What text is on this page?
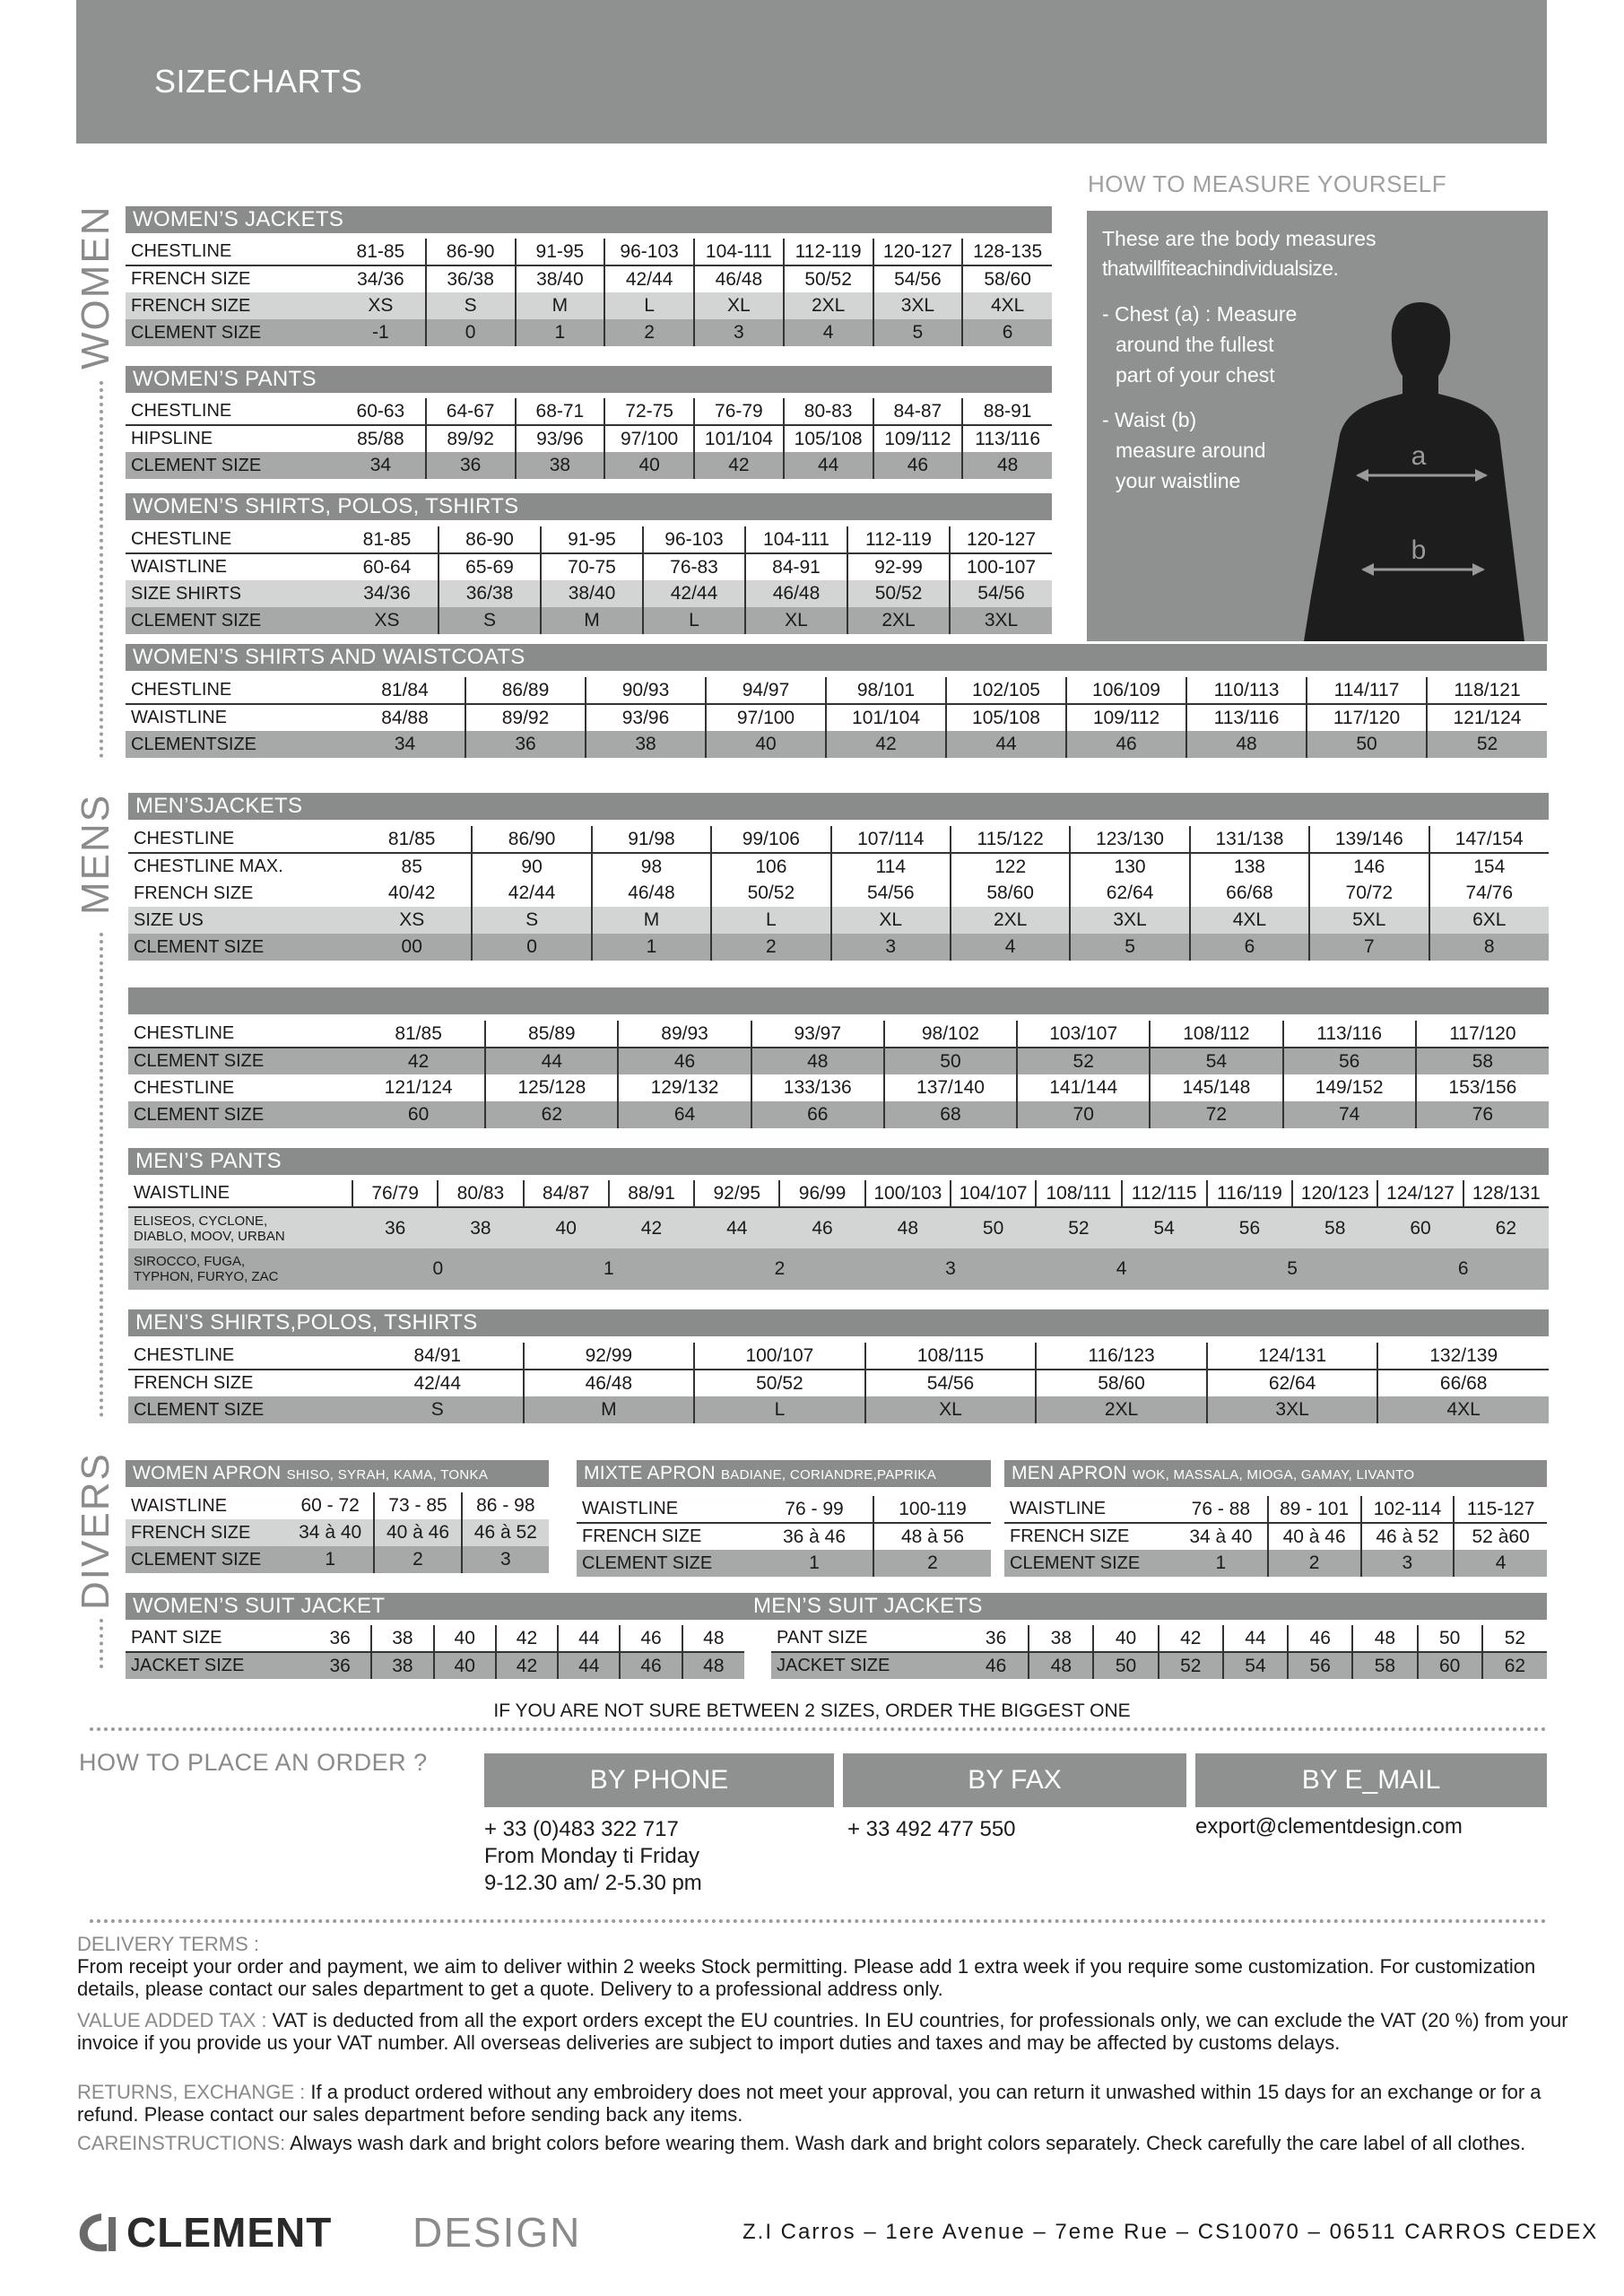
SIZECHARTS
WOMEN
MENS
DIVERS
HOW TO MEASURE YOURSELF
These are the body measures
thatwillfiteachindividualsize.
- Chest (a) : Measure
around the fullest
part of your chest
- Waist (b)
measure around
your waistline
a
b
WOMEN’S JACKETS
CHESTLINE	81-85	86-90	91-95	96-103	104-111	112-119	120-127	128-135
FRENCH SIZE	34/36	36/38	38/40	42/44	46/48	50/52	54/56	58/60
FRENCH SIZE	XS	S	M	L	XL	2XL	3XL	4XL
CLEMENT SIZE	-1	0	1	2	3	4	5	6
WOMEN’S PANTS
CHESTLINE	60-63	64-67	68-71	72-75	76-79	80-83	84-87	88-91
HIPSLINE	85/88	89/92	93/96	97/100	101/104	105/108	109/112	113/116
CLEMENT SIZE	34	36	38	40	42	44	46	48
WOMEN’S SHIRTS, POLOS, TSHIRTS
CHESTLINE	81-85	86-90	91-95	96-103	104-111	112-119	120-127
WAISTLINE	60-64	65-69	70-75	76-83	84-91	92-99	100-107
SIZE SHIRTS	34/36	36/38	38/40	42/44	46/48	50/52	54/56
CLEMENT SIZE	XS	S	M	L	XL	2XL	3XL
WOMEN’S SHIRTS AND WAISTCOATS
CHESTLINE	81/84	86/89	90/93	94/97	98/101	102/105	106/109	110/113	114/117	118/121
WAISTLINE	84/88	89/92	93/96	97/100	101/104	105/108	109/112	113/116	117/120	121/124
CLEMENTSIZE	34	36	38	40	42	44	46	48	50	52
MEN’SJACKETS
CHESTLINE	81/85	86/90	91/98	99/106	107/114	115/122	123/130	131/138	139/146	147/154
CHESTLINE MAX.	85	90	98	106	114	122	130	138	146	154
FRENCH SIZE	40/42	42/44	46/48	50/52	54/56	58/60	62/64	66/68	70/72	74/76
SIZE US	XS	S	M	L	XL	2XL	3XL	4XL	5XL	6XL
CLEMENT SIZE	00	0	1	2	3	4	5	6	7	8
CHESTLINE	81/85	85/89	89/93	93/97	98/102	103/107	108/112	113/116	117/120
CLEMENT SIZE	42	44	46	48	50	52	54	56	58
CHESTLINE	121/124	125/128	129/132	133/136	137/140	141/144	145/148	149/152	153/156
CLEMENT SIZE	60	62	64	66	68	70	72	74	76
MEN’S PANTS
WAISTLINE	76/79	80/83	84/87	88/91	92/95	96/99	100/103	104/107	108/111	112/115	116/119	120/123	124/127	128/131

ELISEOS, CYCLONE,
DIABLO, MOOV, URBAN	36	38	40	42	44	46	48	50	52	54	56	58	60	62

SIROCCO, FUGA,
TYPHON, FURYO, ZAC	0		1		2		3		4		5		6	
MEN’S SHIRTS,POLOS, TSHIRTS
CHESTLINE	84/91	92/99	100/107	108/115	116/123	124/131	132/139
FRENCH SIZE	42/44	46/48	50/52	54/56	58/60	62/64	66/68
CLEMENT SIZE	S	M	L	XL	2XL	3XL	4XL
WOMEN APRON SHISO, SYRAH, KAMA, TONKA
WAISTLINE	60 - 72	73 - 85	86 - 98
FRENCH SIZE	34 à 40	40 à 46	46 à 52
CLEMENT SIZE	1	2	3
MIXTE APRON BADIANE, CORIANDRE,PAPRIKA
WAISTLINE	76 - 99	100-119
FRENCH SIZE	36 à 46	48 à 56
CLEMENT SIZE	1	2
MEN APRON WOK, MASSALA, MIOGA, GAMAY, LIVANTO
WAISTLINE	76 - 88	89 - 101	102-114	115-127
FRENCH SIZE	34 à 40	40 à 46	46 à 52	52 à60
CLEMENT SIZE	1	2	3	4
WOMEN’S SUIT JACKET	MEN’S SUIT JACKETS
PANT SIZE	36	38	40	42	44	46	48
JACKET SIZE	36	38	40	42	44	46	48
PANT SIZE	36	38	40	42	44	46	48	50	52
JACKET SIZE	46	48	50	52	54	56	58	60	62
IF YOU ARE NOT SURE BETWEEN 2 SIZES, ORDER THE BIGGEST ONE
HOW TO PLACE AN ORDER ?
BY PHONE	BY FAX	BY E_MAIL
+ 33 (0)483 322 717
From Monday ti Friday
9-12.30 am/ 2-5.30 pm
+ 33 492 477 550	export@clementdesign.com
DELIVERY TERMS :
From receipt your order and payment, we aim to deliver within 2 weeks Stock permitting. Please add 1 extra week if you require some customization. For customization details, please contact our sales department to get a quote. Delivery to a professional address only.
VALUE ADDED TAX : VAT is deducted from all the export orders except the EU countries. In EU countries, for professionals only, we can exclude the VAT (20 %) from your invoice if you provide us your VAT number. All overseas deliveries are subject to import duties and taxes and may be affected by customs delays.
RETURNS, EXCHANGE : If a product ordered without any embroidery does not meet your approval, you can return it unwashed within 15 days for an exchange or for a refund. Please contact our sales department before sending back any items.
CAREINSTRUCTIONS: Always wash dark and bright colors before wearing them. Wash dark and bright colors separately. Check carefully the care label of all clothes.
CLEMENT DESIGN	Z.I Carros – 1ere Avenue – 7eme Rue – CS10070 – 06511 CARROS CEDEX
